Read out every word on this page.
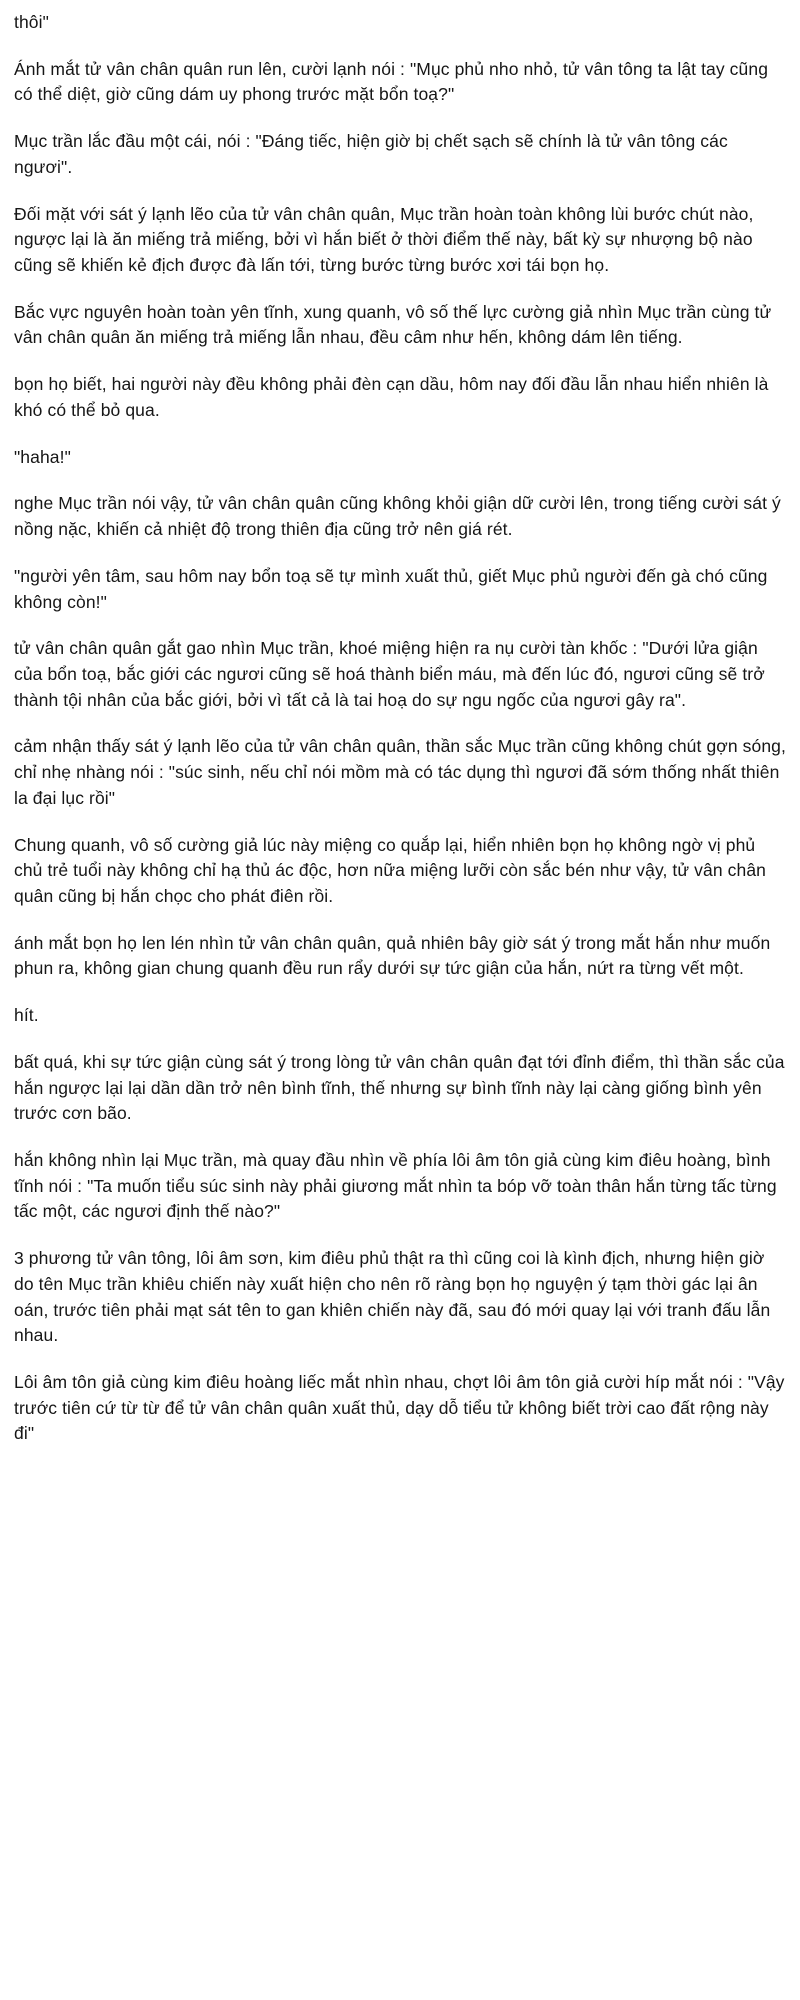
thôi"

Ánh mắt tử vân chân quân run lên, cười lạnh nói : "Mục phủ nho nhỏ, tử vân tông ta lật tay cũng có thể diệt, giờ cũng dám uy phong trước mặt bổn toạ?"

Mục trần lắc đầu một cái, nói : "Đáng tiếc, hiện giờ bị chết sạch sẽ chính là tử vân tông các ngươi".

Đối mặt với sát ý lạnh lẽo của tử vân chân quân, Mục trần hoàn toàn không lùi bước chút nào, ngược lại là ăn miếng trả miếng, bởi vì hắn biết ở thời điểm thế này, bất kỳ sự nhượng bộ nào cũng sẽ khiến kẻ địch được đà lấn tới, từng bước từng bước xơi tái bọn họ.

Bắc vực nguyên hoàn toàn yên tĩnh, xung quanh, vô số thế lực cường giả nhìn Mục trần cùng tử vân chân quân ăn miếng trả miếng lẫn nhau, đều câm như hến, không dám lên tiếng.

bọn họ biết, hai người này đều không phải đèn cạn dầu, hôm nay đối đầu lẫn nhau hiển nhiên là khó có thể bỏ qua.

"haha!"

nghe Mục trần nói vậy, tử vân chân quân cũng không khỏi giận dữ cười lên, trong tiếng cười sát ý nồng nặc, khiến cả nhiệt độ trong thiên địa cũng trở nên giá rét.

"người yên tâm, sau hôm nay bổn toạ sẽ tự mình xuất thủ, giết Mục phủ người đến gà chó cũng không còn!"

tử vân chân quân gắt gao nhìn Mục trần, khoé miệng hiện ra nụ cười tàn khốc : "Dưới lửa giận của bổn toạ, bắc giới các ngươi cũng sẽ hoá thành biển máu, mà đến lúc đó, ngươi cũng sẽ trở thành tội nhân của bắc giới, bởi vì tất cả là tai hoạ do sự ngu ngốc của ngươi gây ra".

cảm nhận thấy sát ý lạnh lẽo của tử vân chân quân, thần sắc Mục trần cũng không chút gợn sóng, chỉ nhẹ nhàng nói : "súc sinh, nếu chỉ nói mồm mà có tác dụng thì ngươi đã sớm thống nhất thiên la đại lục rồi"

Chung quanh, vô số cường giả lúc này miệng co quắp lại, hiển nhiên bọn họ không ngờ vị phủ chủ trẻ tuổi này không chỉ hạ thủ ác độc, hơn nữa miệng lưỡi còn sắc bén như vậy, tử vân chân quân cũng bị hắn chọc cho phát điên rồi.

ánh mắt bọn họ len lén nhìn tử vân chân quân, quả nhiên bây giờ sát ý trong mắt hắn như muốn phun ra, không gian chung quanh đều run rẩy dưới sự tức giận của hắn, nứt ra từng vết một.

hít.

bất quá, khi sự tức giận cùng sát ý trong lòng tử vân chân quân đạt tới đỉnh điểm, thì thần sắc của hắn ngược lại lại dần dần trở nên bình tĩnh, thế nhưng sự bình tĩnh này lại càng giống bình yên trước cơn bão.

hắn không nhìn lại Mục trần, mà quay đầu nhìn về phía lôi âm tôn giả cùng kim điêu hoàng, bình tĩnh nói : "Ta muốn tiểu súc sinh này phải giương mắt nhìn ta bóp vỡ toàn thân hắn từng tấc từng tấc một, các ngươi định thế nào?"

3 phương tử vân tông, lôi âm sơn, kim điêu phủ thật ra thì cũng coi là kình địch, nhưng hiện giờ do tên Mục trần khiêu chiến này xuất hiện cho nên rõ ràng bọn họ nguyện ý tạm thời gác lại ân oán, trước tiên phải mạt sát tên to gan khiên chiến này đã, sau đó mới quay lại với tranh đấu lẫn nhau.

Lôi âm tôn giả cùng kim điêu hoàng liếc mắt nhìn nhau, chợt lôi âm tôn giả cười híp mắt nói : "Vậy trước tiên cứ từ từ để tử vân chân quân xuất thủ, dạy dỗ tiểu tử không biết trời cao đất rộng này đi"
